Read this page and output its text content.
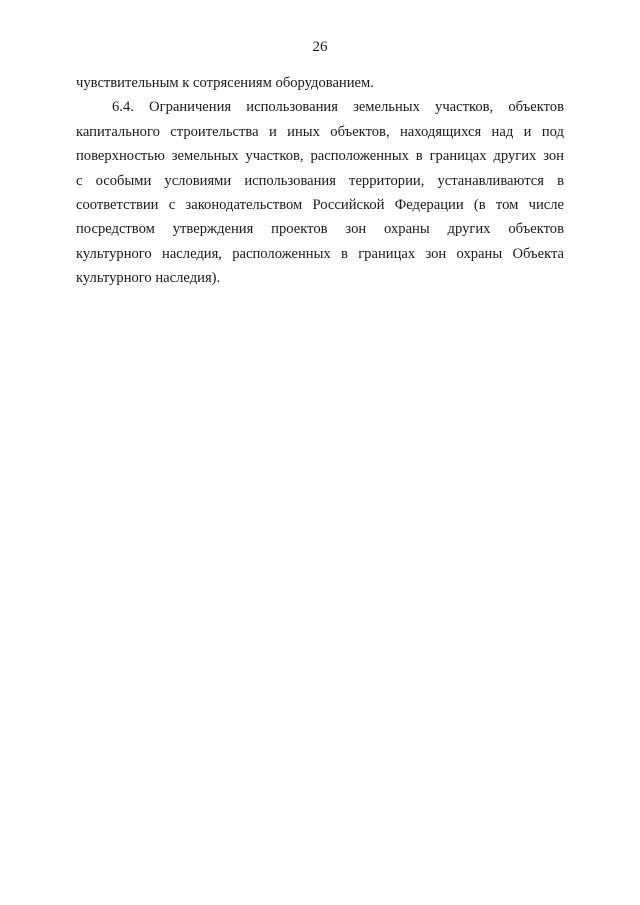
26
чувствительным к сотрясениям оборудованием.
6.4. Ограничения использования земельных участков, объектов
капитального строительства и иных объектов, находящихся над и под
поверхностью земельных участков, расположенных в границах других зон
с особыми условиями использования территории, устанавливаются в
соответствии с законодательством Российской Федерации (в том числе
посредством утверждения проектов зон охраны других объектов
культурного наследия, расположенных в границах зон охраны Объекта
культурного наследия).
